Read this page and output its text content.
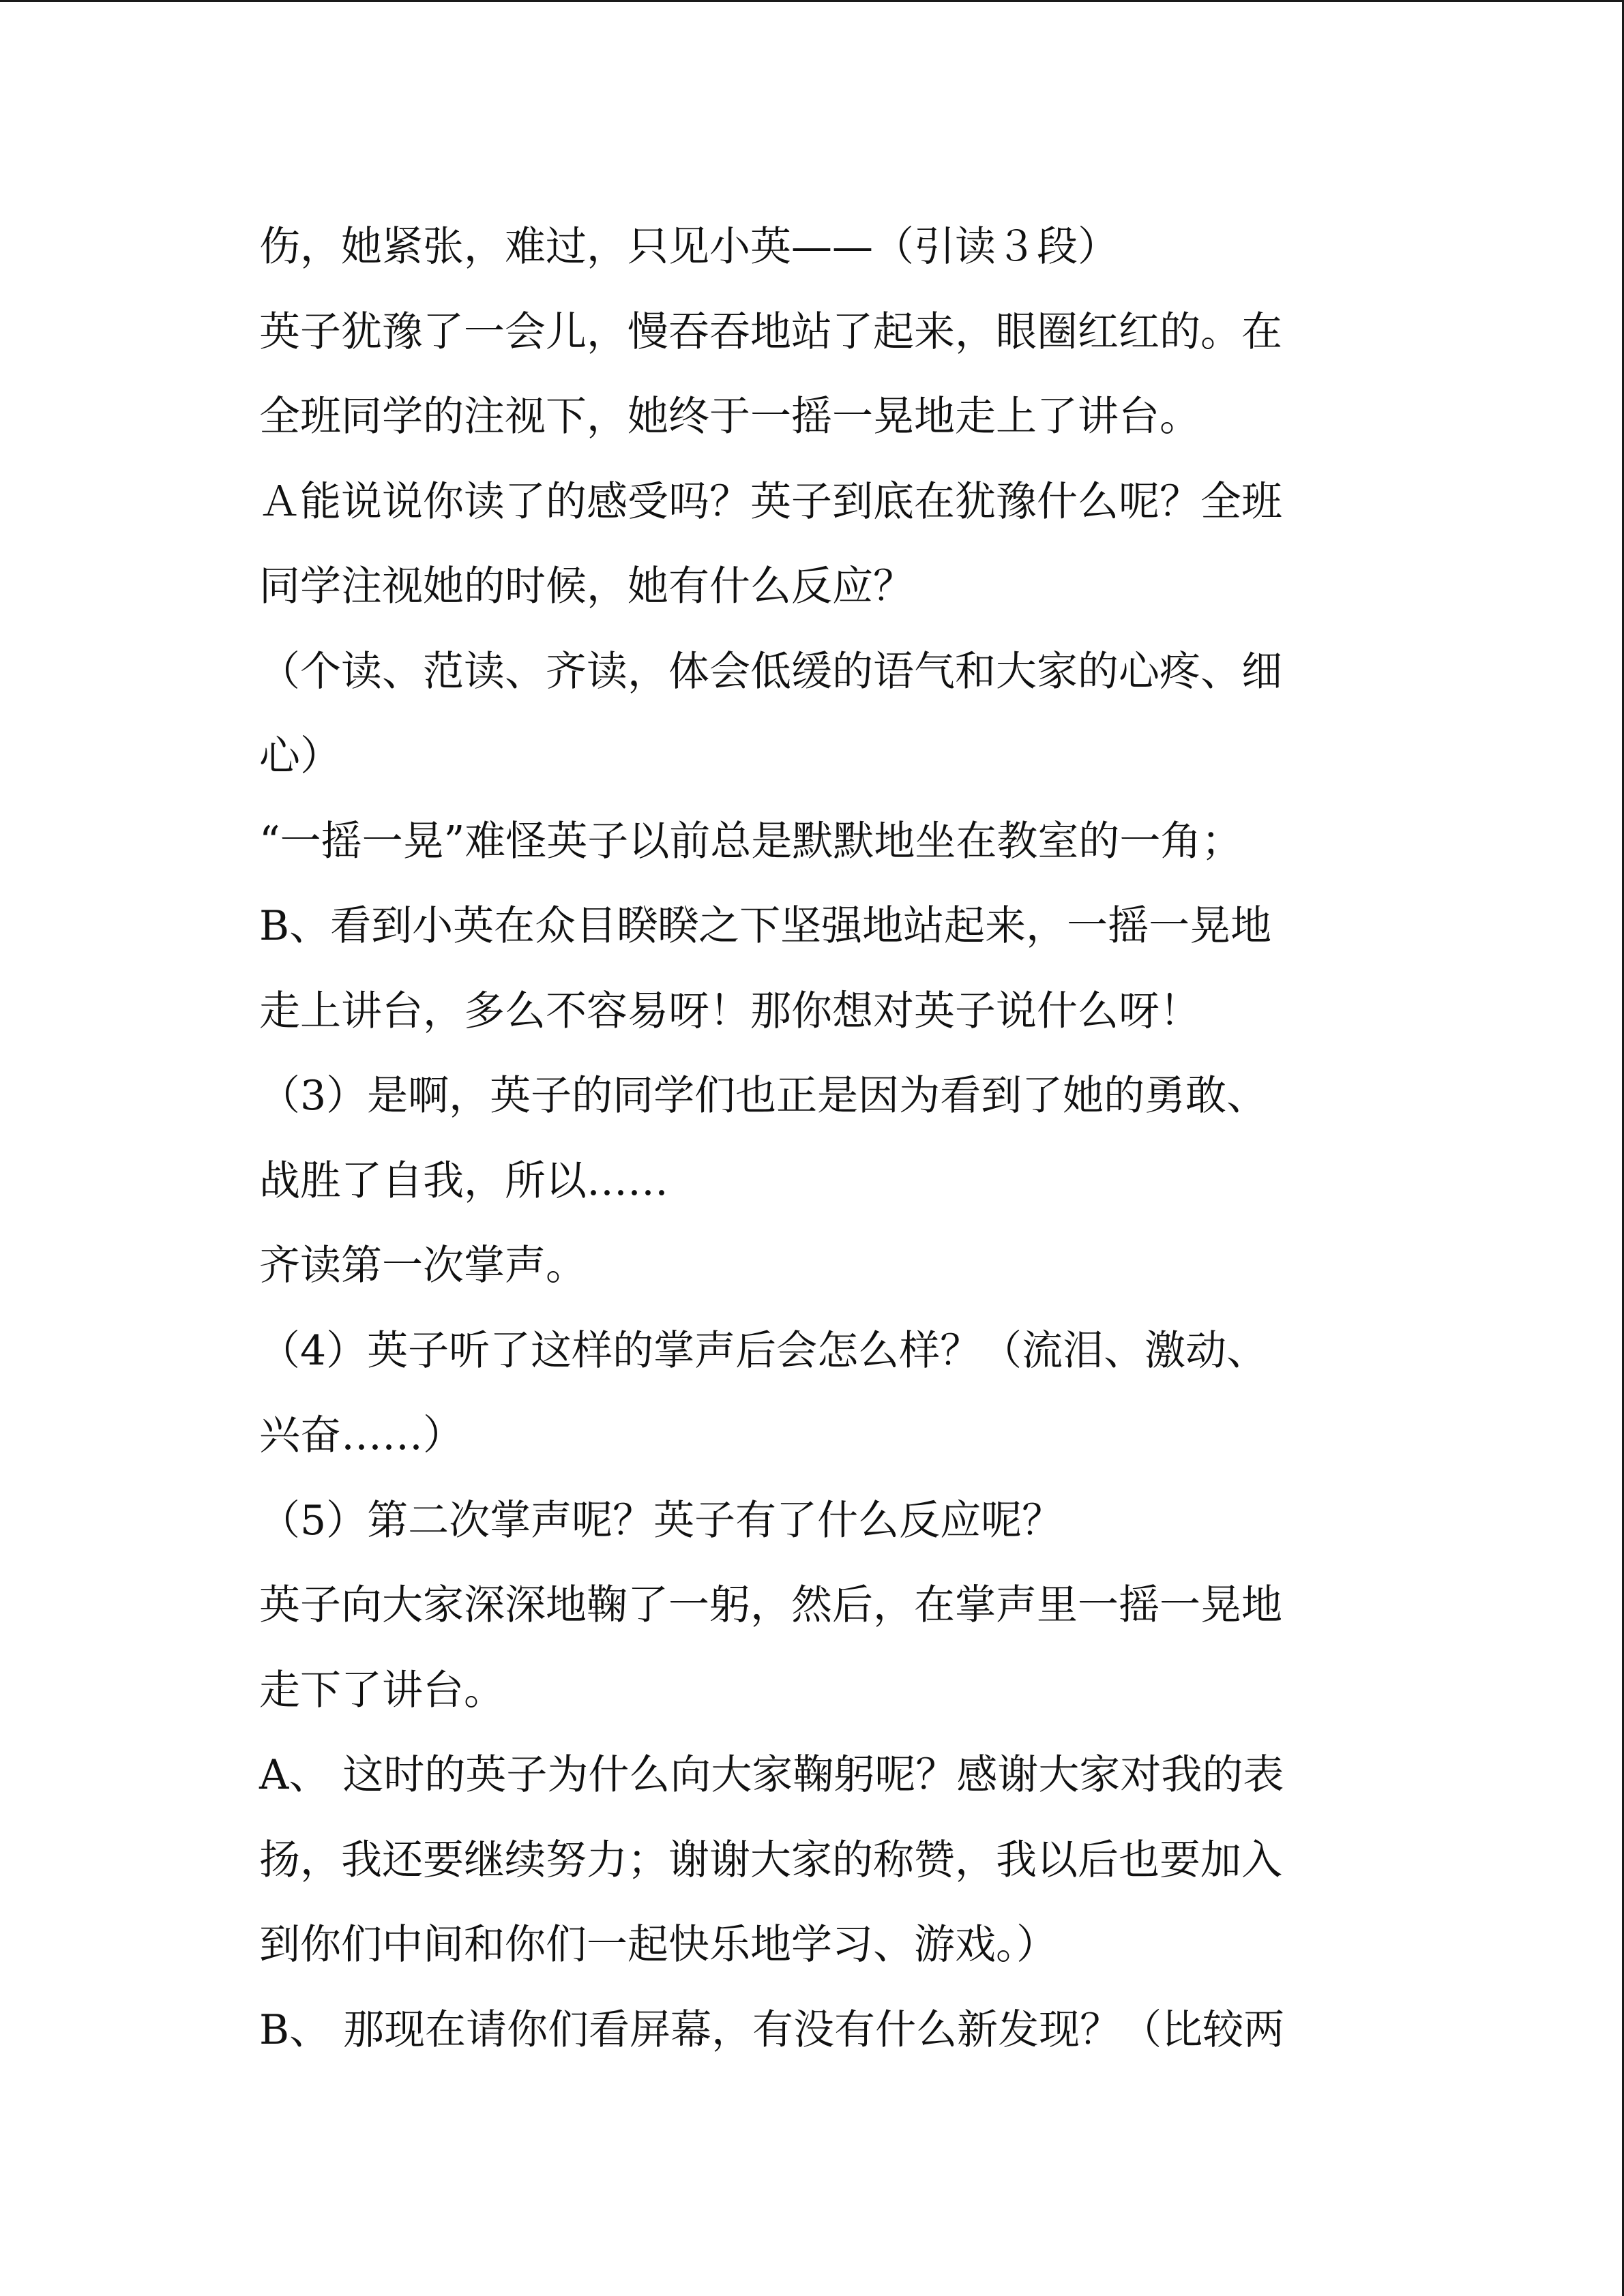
伤，她紧张，难过，只见小英——（引读３段）
英子犹豫了一会儿，慢吞吞地站了起来，眼圈红红的。在
全班同学的注视下，她终于一摇一晃地走上了讲台。
Ａ能说说你读了的感受吗？英子到底在犹豫什么呢？全班
同学注视她的时候，她有什么反应？
（个读、范读、齐读，体会低缓的语气和大家的心疼、细
心）
“一摇一晃”难怪英子以前总是默默地坐在教室的一角；
B、看到小英在众目睽睽之下坚强地站起来，一摇一晃地
走上讲台，多么不容易呀！那你想对英子说什么呀！
（3）是啊，英子的同学们也正是因为看到了她的勇敢、
战胜了自我，所以……
齐读第一次掌声。
（4）英子听了这样的掌声后会怎么样？（流泪、激动、
兴奋……）
（5）第二次掌声呢？英子有了什么反应呢？
英子向大家深深地鞠了一躬，然后，在掌声里一摇一晃地
走下了讲台。
A、 这时的英子为什么向大家鞠躬呢？感谢大家对我的表
扬，我还要继续努力；谢谢大家的称赞，我以后也要加入
到你们中间和你们一起快乐地学习、游戏。）
B、 那现在请你们看屏幕，有没有什么新发现？（比较两
